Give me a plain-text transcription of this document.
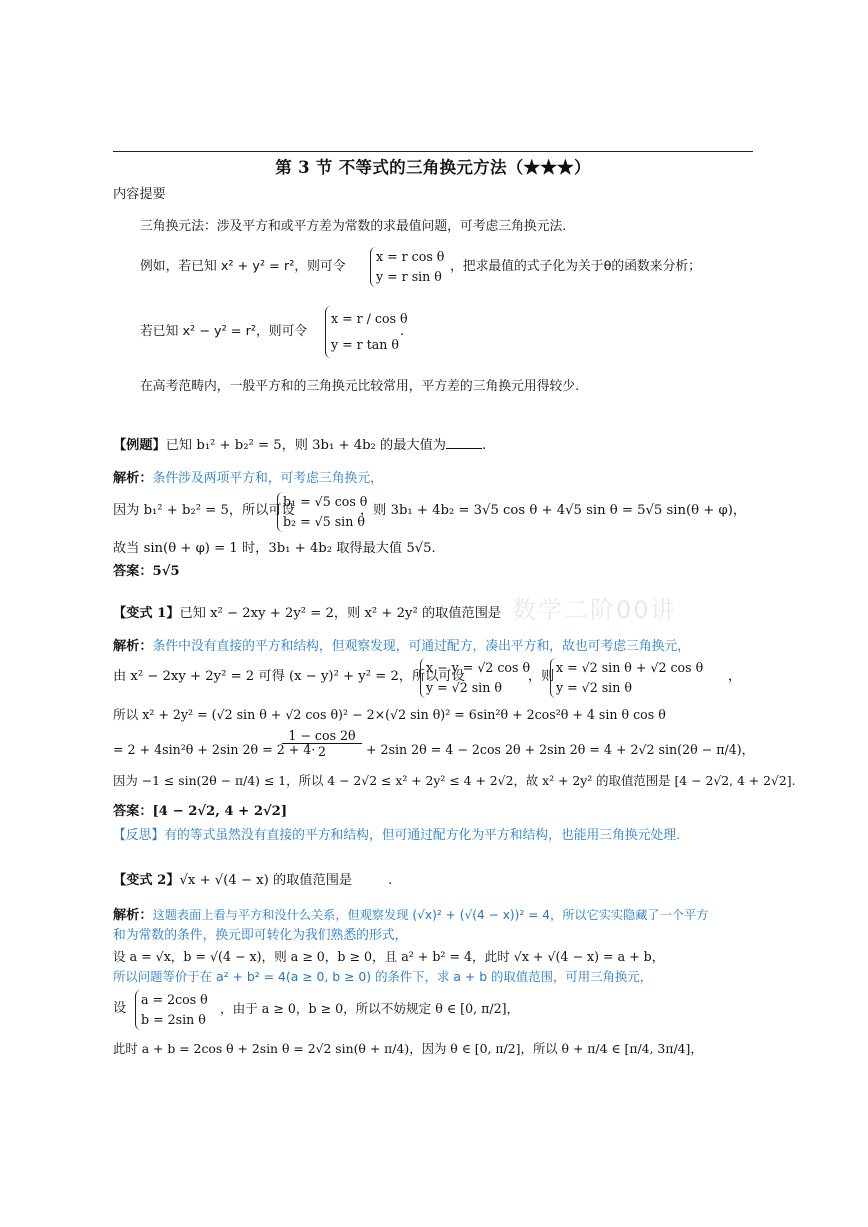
第 3 节 不等式的三角换元方法（★★★）
内容提要
三角换元法：涉及平方和或平方差为常数的求最值问题，可考虑三角换元法.
例如，若已知 x² + y² = r²，则可令
x = r cos θ
y = r sin θ
，把求最值的式子化为关于θ的函数来分析；
若已知 x² − y² = r²，则可令
x = r / cos θ
y = r tan θ
.
在高考范畴内，一般平方和的三角换元比较常用，平方差的三角换元用得较少.
【例题】已知 b₁² + b₂² = 5，则 3b₁ + 4b₂ 的最大值为	.
解析：条件涉及两项平方和，可考虑三角换元，
因为 b₁² + b₂² = 5，所以可设
b₁ = √5 cos θ
b₂ = √5 sin θ
，则 3b₁ + 4b₂ = 3√5 cos θ + 4√5 sin θ = 5√5 sin(θ + φ)，
故当 sin(θ + φ) = 1 时，3b₁ + 4b₂ 取得最大值 5√5.
答案：5√5
数学二阶00讲
【变式 1】已知 x² − 2xy + 2y² = 2，则 x² + 2y² 的取值范围是
解析：条件中没有直接的平方和结构，但观察发现，可通过配方，凑出平方和，故也可考虑三角换元，
由 x² − 2xy + 2y² = 2 可得 (x − y)² + y² = 2，所以可设
x − y = √2 cos θ
y = √2 sin θ
，则
x = √2 sin θ + √2 cos θ
y = √2 sin θ
，
所以 x² + 2y² = (√2 sin θ + √2 cos θ)² − 2×(√2 sin θ)² = 6sin²θ + 2cos²θ + 4 sin θ cos θ
= 2 + 4sin²θ + 2sin 2θ = 2 + 4·
$\frac{1 - \cos 2\theta}{2} + 2\sin$ 2θ = 4 − 2cos 2θ + 2sin 2θ = 4 + 2√2 sin(2θ − π/4)，
因为 −1 ≤ sin(2θ − π/4) ≤ 1，所以 4 − 2√2 ≤ x² + 2y² ≤ 4 + 2√2，故 x² + 2y² 的取值范围是 [4 − 2√2, 4 + 2√2].
答案：[4 − 2√2, 4 + 2√2]
【反思】有的等式虽然没有直接的平方和结构，但可通过配方化为平方和结构，也能用三角换元处理.
【变式 2】√x + √(4 − x) 的取值范围是	.
解析：这题表面上看与平方和没什么关系，但观察发现 (√x)² + (√(4 − x))² = 4，所以它实实隐藏了一个平方
和为常数的条件，换元即可转化为我们熟悉的形式，
设 a = √x，b = √(4 − x)，则 a ≥ 0，b ≥ 0，且 a² + b² = 4，此时 √x + √(4 − x) = a + b，
所以问题等价于在 a² + b² = 4(a ≥ 0, b ≥ 0) 的条件下，求 a + b 的取值范围，可用三角换元，
设
a = 2cos θ
b = 2sin θ
，由于 a ≥ 0，b ≥ 0，所以不妨规定 θ ∈ [0, π/2]，
此时 a + b = 2cos θ + 2sin θ = 2√2 sin(θ + π/4)，因为 θ ∈ [0, π/2]，所以 θ + π/4 ∈ [π/4, 3π/4]，
